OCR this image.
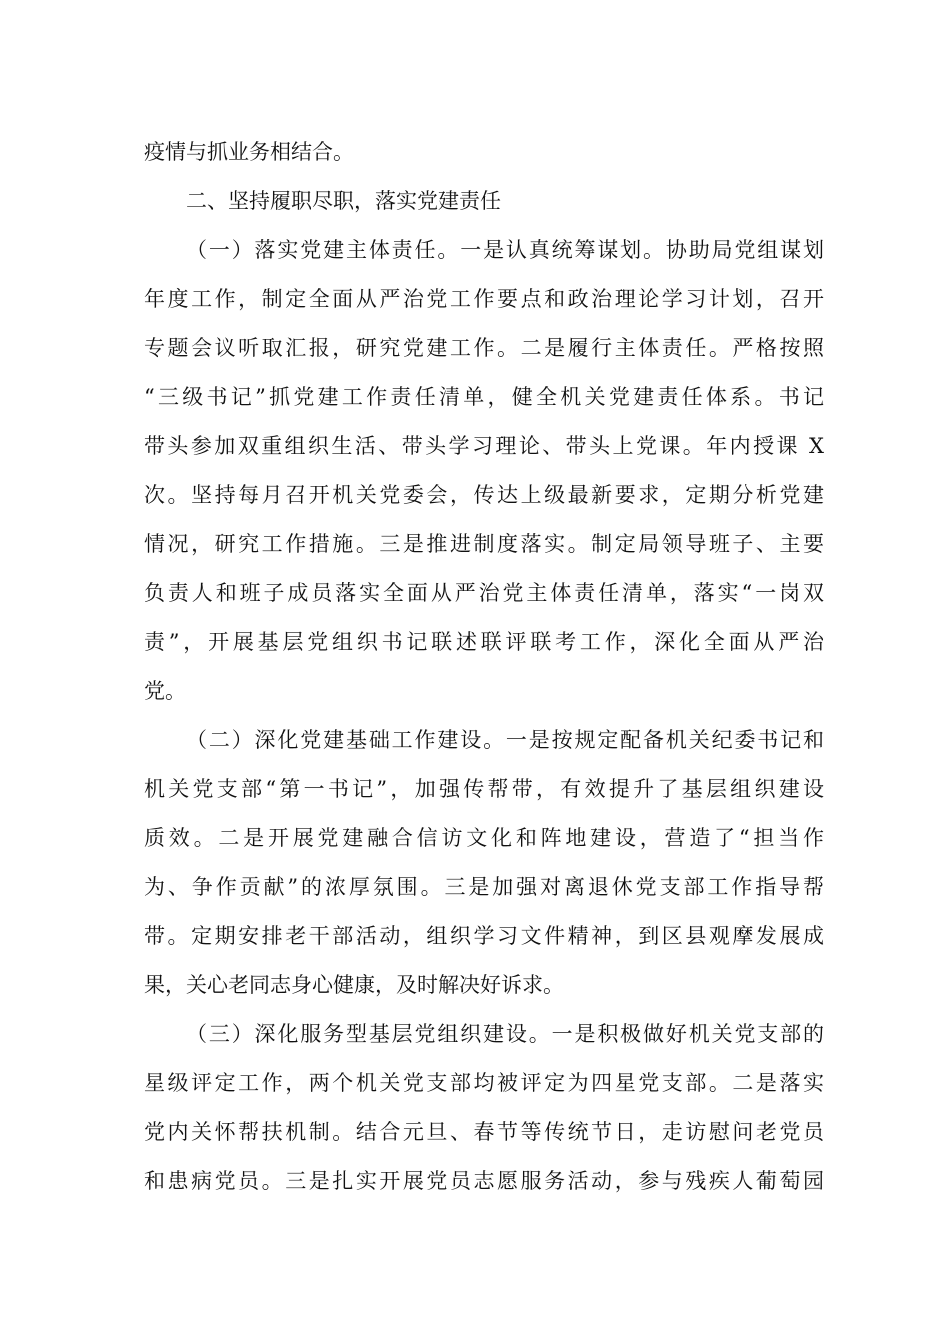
疫情与抓业务相结合。
二、坚持履职尽职，落实党建责任
（一）落实党建主体责任。一是认真统筹谋划。协助局党组谋划
年度工作，制定全面从严治党工作要点和政治理论学习计划，召开
专题会议听取汇报，研究党建工作。二是履行主体责任。严格按照
“三级书记”抓党建工作责任清单，健全机关党建责任体系。书记
带头参加双重组织生活、带头学习理论、带头上党课。年内授课 X
次。坚持每月召开机关党委会，传达上级最新要求，定期分析党建
情况，研究工作措施。三是推进制度落实。制定局领导班子、主要
负责人和班子成员落实全面从严治党主体责任清单，落实“一岗双
责”，开展基层党组织书记联述联评联考工作，深化全面从严治
党。
（二）深化党建基础工作建设。一是按规定配备机关纪委书记和
机关党支部“第一书记”，加强传帮带，有效提升了基层组织建设
质效。二是开展党建融合信访文化和阵地建设，营造了“担当作
为、争作贡献”的浓厚氛围。三是加强对离退休党支部工作指导帮
带。定期安排老干部活动，组织学习文件精神，到区县观摩发展成
果，关心老同志身心健康，及时解决好诉求。
（三）深化服务型基层党组织建设。一是积极做好机关党支部的
星级评定工作，两个机关党支部均被评定为四星党支部。二是落实
党内关怀帮扶机制。结合元旦、春节等传统节日，走访慰问老党员
和患病党员。三是扎实开展党员志愿服务活动，参与残疾人葡萄园
